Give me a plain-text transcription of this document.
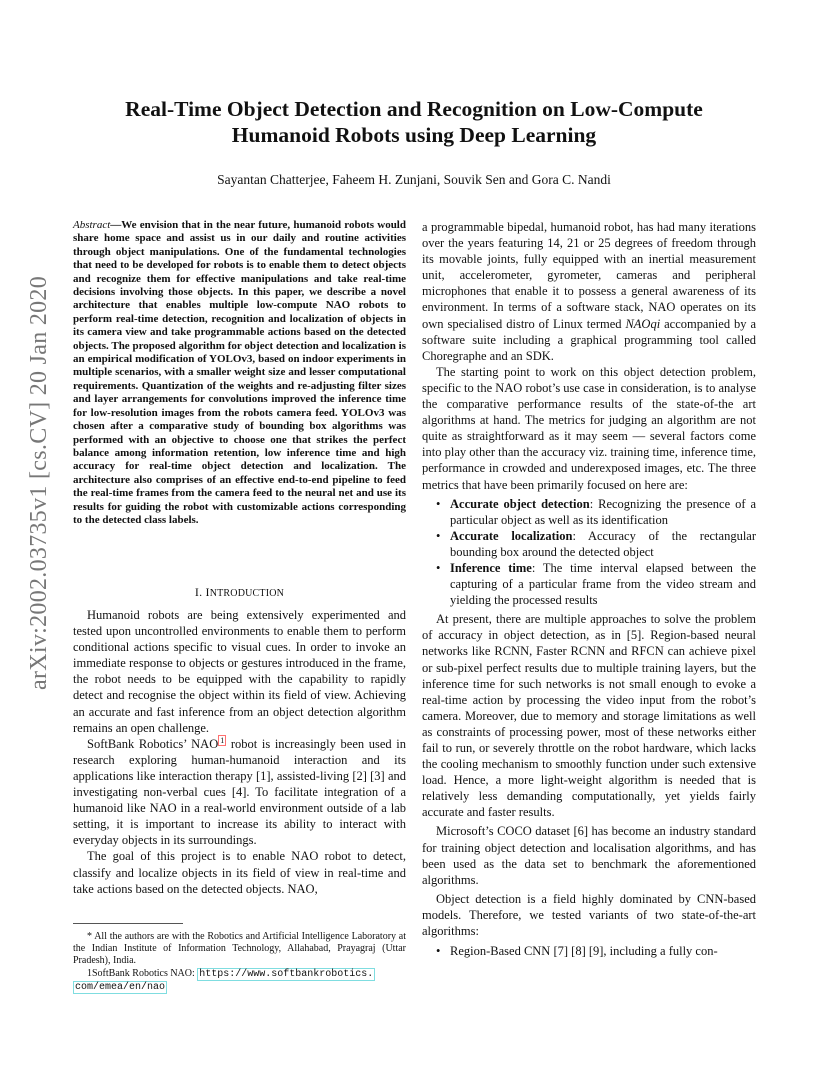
Real-Time Object Detection and Recognition on Low-Compute
Humanoid Robots using Deep Learning
Sayantan Chatterjee, Faheem H. Zunjani, Souvik Sen and Gora C. Nandi
arXiv:2002.03735v1 [cs.CV] 20 Jan 2020
Abstract—We envision that in the near future, humanoid robots would share home space and assist us in our daily and routine activities through object manipulations. One of the fundamental technologies that need to be developed for robots is to enable them to detect objects and recognize them for effective manipulations and take real-time decisions involving those objects. In this paper, we describe a novel architecture that enables multiple low-compute NAO robots to perform real-time detection, recognition and localization of objects in its camera view and take programmable actions based on the detected objects. The proposed algorithm for object detection and localization is an empirical modification of YOLOv3, based on indoor experiments in multiple scenarios, with a smaller weight size and lesser computational requirements. Quantization of the weights and re-adjusting filter sizes and layer arrangements for convolutions improved the inference time for low-resolution images from the robots camera feed. YOLOv3 was chosen after a comparative study of bounding box algorithms was performed with an objective to choose one that strikes the perfect balance among information retention, low inference time and high accuracy for real-time object detection and localization. The architecture also comprises of an effective end-to-end pipeline to feed the real-time frames from the camera feed to the neural net and use its results for guiding the robot with customizable actions corresponding to the detected class labels.
I. INTRODUCTION

Humanoid robots are being extensively experimented and tested upon uncontrolled environments to enable them to perform conditional actions specific to visual cues. In order to invoke an immediate response to objects or gestures introduced in the frame, the robot needs to be equipped with the capability to rapidly detect and recognise the object within its field of view. Achieving an accurate and fast inference from an object detection algorithm remains an open challenge.

SoftBank Robotics’ NAO $^1$ robot is increasingly been used in research exploring human-humanoid interaction and its applications like interaction therapy [1], assisted-living [2] [3] and investigating non-verbal cues [4]. To facilitate integration of a humanoid like NAO in a real-world environment outside of a lab setting, it is important to increase its ability to interact with everyday objects in its surroundings.

The goal of this project is to enable NAO robot to detect, classify and localize objects in its field of view in real-time and take actions based on the detected objects. NAO,

* All the authors are with the Robotics and Artificial Intelligence Laboratory at the Indian Institute of Information Technology, Allahabad, Prayagraj (Uttar Pradesh), India.

1SoftBank Robotics NAO: https://www.softbankrobotics.
com/emea/en/nao

a programmable bipedal, humanoid robot, has had many iterations over the years featuring 14, 21 or 25 degrees of freedom through its movable joints, fully equipped with an inertial measurement unit, accelerometer, gyrometer, cameras and peripheral microphones that enable it to possess a general awareness of its environment. In terms of a software stack, NAO operates on its own specialised distro of Linux termed NAOqi accompanied by a software suite including a graphical programming tool called Choregraphe and an SDK.

The starting point to work on this object detection problem, specific to the NAO robot’s use case in consideration, is to analyse the comparative performance results of the state-of-the art algorithms at hand. The metrics for judging an algorithm are not quite as straightforward as it may seem — several factors come into play other than the accuracy viz. training time, inference time, performance in crowded and underexposed images, etc. The three metrics that have been primarily focused on here are:

• Accurate object detection: Recognizing the presence of a particular object as well as its identification
• Accurate localization: Accuracy of the rectangular bounding box around the detected object
• Inference time: The time interval elapsed between the capturing of a particular frame from the video stream and yielding the processed results

At present, there are multiple approaches to solve the problem of accuracy in object detection, as in [5]. Region-based neural networks like RCNN, Faster RCNN and RFCN can achieve pixel or sub-pixel perfect results due to multiple training layers, but the inference time for such networks is not small enough to evoke a real-time action by processing the video input from the robot’s camera. Moreover, due to memory and storage limitations as well as constraints of processing power, most of these networks either fail to run, or severely throttle on the robot hardware, which lacks the cooling mechanism to smoothly function under such extensive load. Hence, a more light-weight algorithm is needed that is relatively less demanding computationally, yet yields fairly accurate and faster results.

Microsoft’s COCO dataset [6] has become an industry standard for training object detection and localisation algorithms, and has been used as the data set to benchmark the aforementioned algorithms.

Object detection is a field highly dominated by CNN-based models. Therefore, we tested variants of two state-of-the-art algorithms:

• Region-Based CNN [7] [8] [9], including a fully con-
